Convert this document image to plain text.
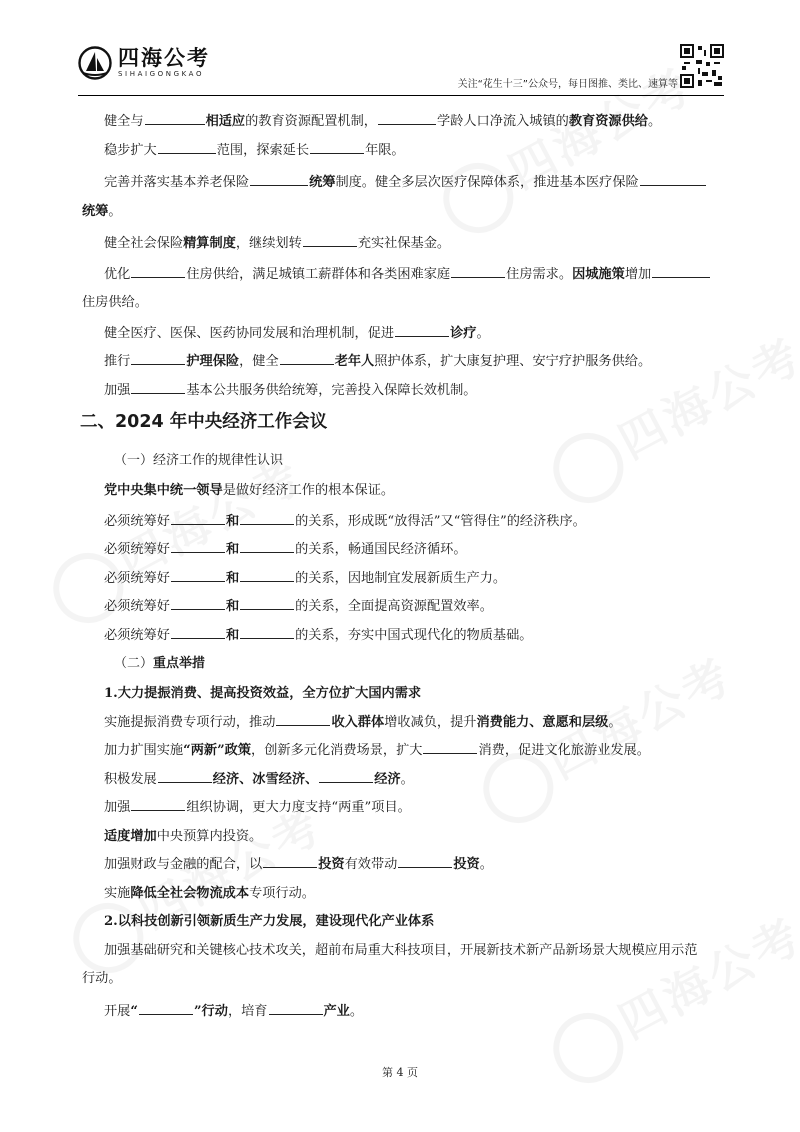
四海公考
SIHAIGONGKAO
关注“花生十三”公众号，每日图推、类比、速算等

健全与	相适应的教育资源配置机制，	学龄人口净流入城镇的教育资源供给。

稳步扩大	范围，探索延长	年限。

完善并落实基本养老保险	统筹制度。健全多层次医疗保障体系，推进基本医疗保险

统筹。

健全社会保险精算制度，继续划转	充实社保基金。

优化	住房供给，满足城镇工薪群体和各类困难家庭	住房需求。因城施策增加

住房供给。

健全医疗、医保、医药协同发展和治理机制，促进	诊疗。

推行	护理保险，健全	老年人照护体系，扩大康复护理、安宁疗护服务供给。

加强	基本公共服务供给统筹，完善投入保障长效机制。

二、2024 年中央经济工作会议
（一）经济工作的规律性认识

党中央集中统一领导是做好经济工作的根本保证。

必须统筹好	和	的关系，形成既“放得活”又“管得住”的经济秩序。

必须统筹好	和	的关系，畅通国民经济循环。

必须统筹好	和	的关系，因地制宜发展新质生产力。

必须统筹好	和	的关系，全面提高资源配置效率。

必须统筹好	和	的关系，夯实中国式现代化的物质基础。

（二）重点举措
1.大力提振消费、提高投资效益，全方位扩大国内需求

实施提振消费专项行动，推动	收入群体增收减负，提升消费能力、意愿和层级。

加力扩围实施“两新”政策，创新多元化消费场景，扩大	消费，促进文化旅游业发展。

积极发展	经济、冰雪经济、	经济。

加强	组织协调，更大力度支持“两重”项目。

适度增加中央预算内投资。

加强财政与金融的配合，以	投资有效带动	投资。

实施降低全社会物流成本专项行动。

2.以科技创新引领新质生产力发展，建设现代化产业体系

加强基础研究和关键核心技术攻关，超前布局重大科技项目，开展新技术新产品新场景大规模应用示范行动。

开展“	”行动，培育	产业。

第 4 页
